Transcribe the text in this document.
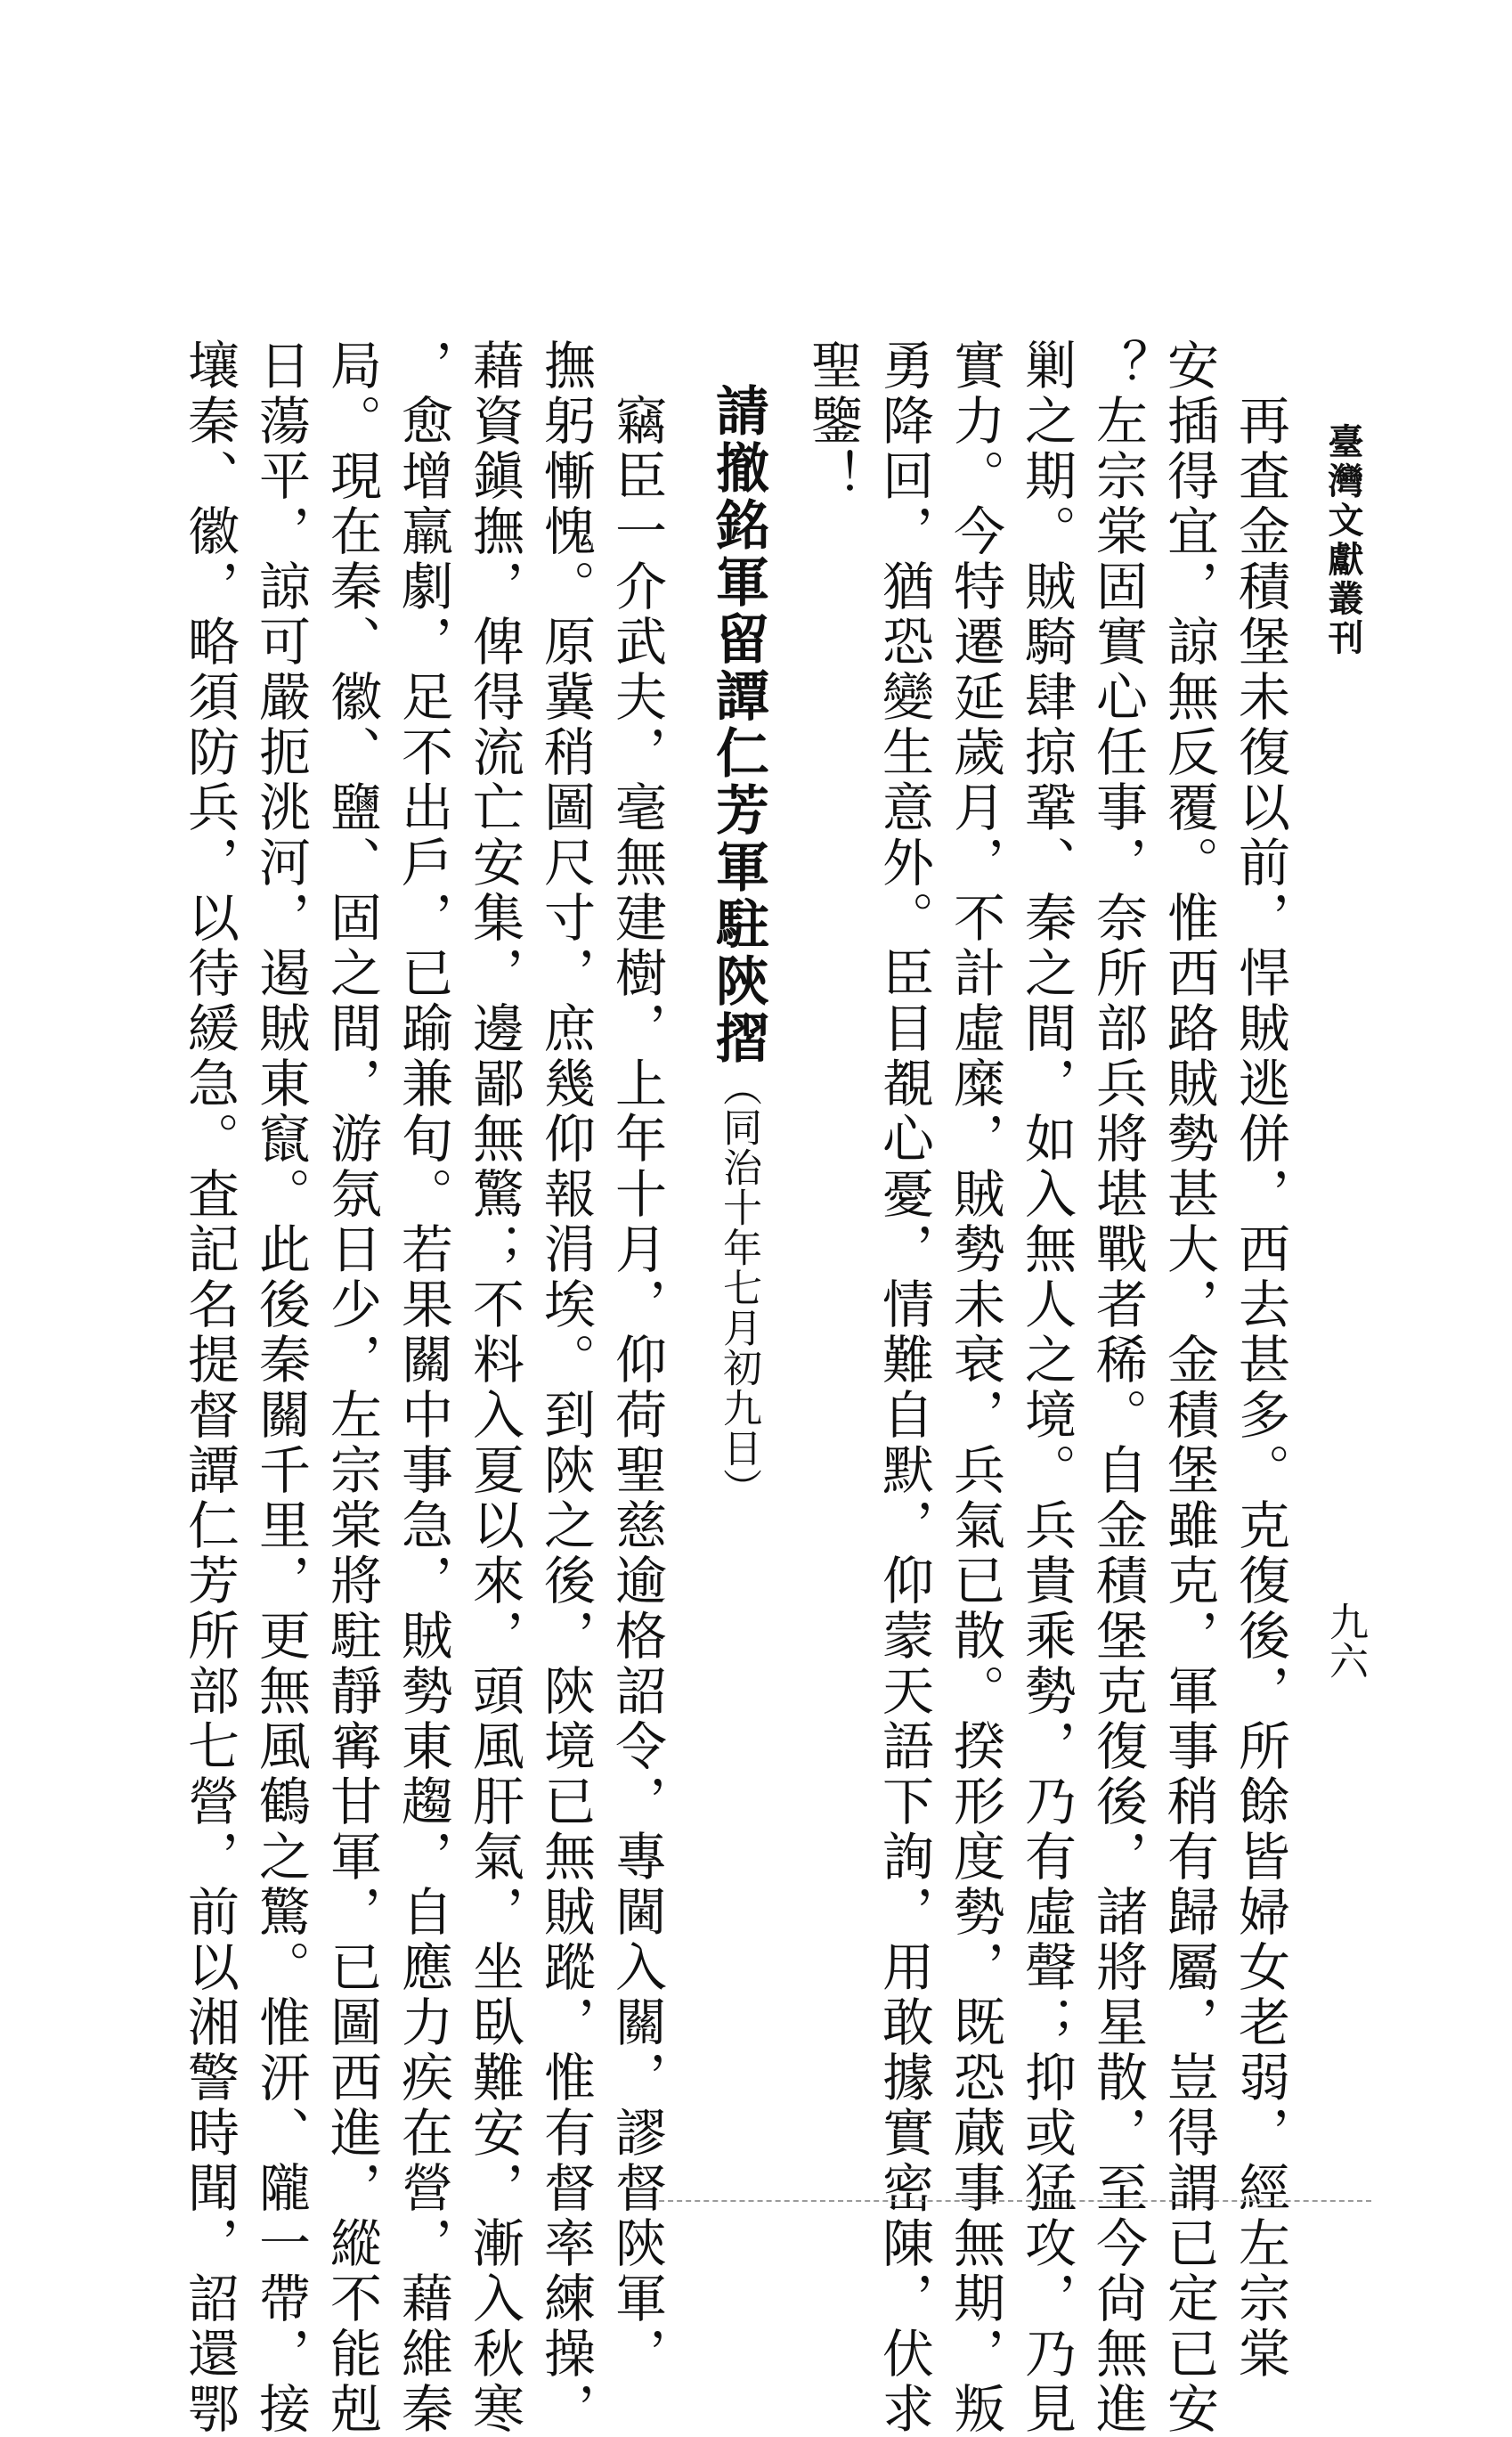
臺灣文獻叢刊
九六
　再査金積堡未復以前，悍賊逃併，西去甚多。克復後，所餘皆婦女老弱，經左宗棠
安插得宜，諒無反覆。惟西路賊勢甚大，金積堡雖克，軍事稍有歸屬，豈得謂已定已安
？左宗棠固實心任事，奈所部兵將堪戰者稀。自金積堡克復後，諸將星散，至今尙無進
剿之期。賊騎肆掠鞏、秦之間，如入無人之境。兵貴乘勢，乃有虛聲；抑或猛攻，乃見
實力。今特遷延歲月，不計虛糜，賊勢未衰，兵氣已散。揆形度勢，既恐蕆事無期，叛
勇降回，猶恐變生意外。臣目覩心憂，情難自默，仰蒙天語下詢，用敢據實密陳，伏求
聖鑒！
請撤銘軍留譚仁芳軍駐陝摺（同治十年七月初九日）
　竊臣一介武夫，毫無建樹，上年十月，仰荷聖慈逾格詔令，專閫入關，謬督陝軍，
撫躬慚愧。原冀稍圖尺寸，庶幾仰報涓埃。到陝之後，陝境已無賊蹤，惟有督率練操，
藉資鎭撫，俾得流亡安集，邊鄙無驚；不料入夏以來，頭風肝氣，坐臥難安，漸入秋寒
，愈增羸劇，足不出戶，已踰兼旬。若果關中事急，賊勢東趨，自應力疾在營，藉維秦
局。現在秦、徽、鹽、固之間，游氛日少，左宗棠將駐靜寗甘軍，已圖西進，縱不能剋
日蕩平，諒可嚴扼洮河，遏賊東竄。此後秦關千里，更無風鶴之驚。惟汧、隴一帶，接
壤秦、徽，略須防兵，以待緩急。査記名提督譚仁芳所部七營，前以湘警時聞，詔還鄂
